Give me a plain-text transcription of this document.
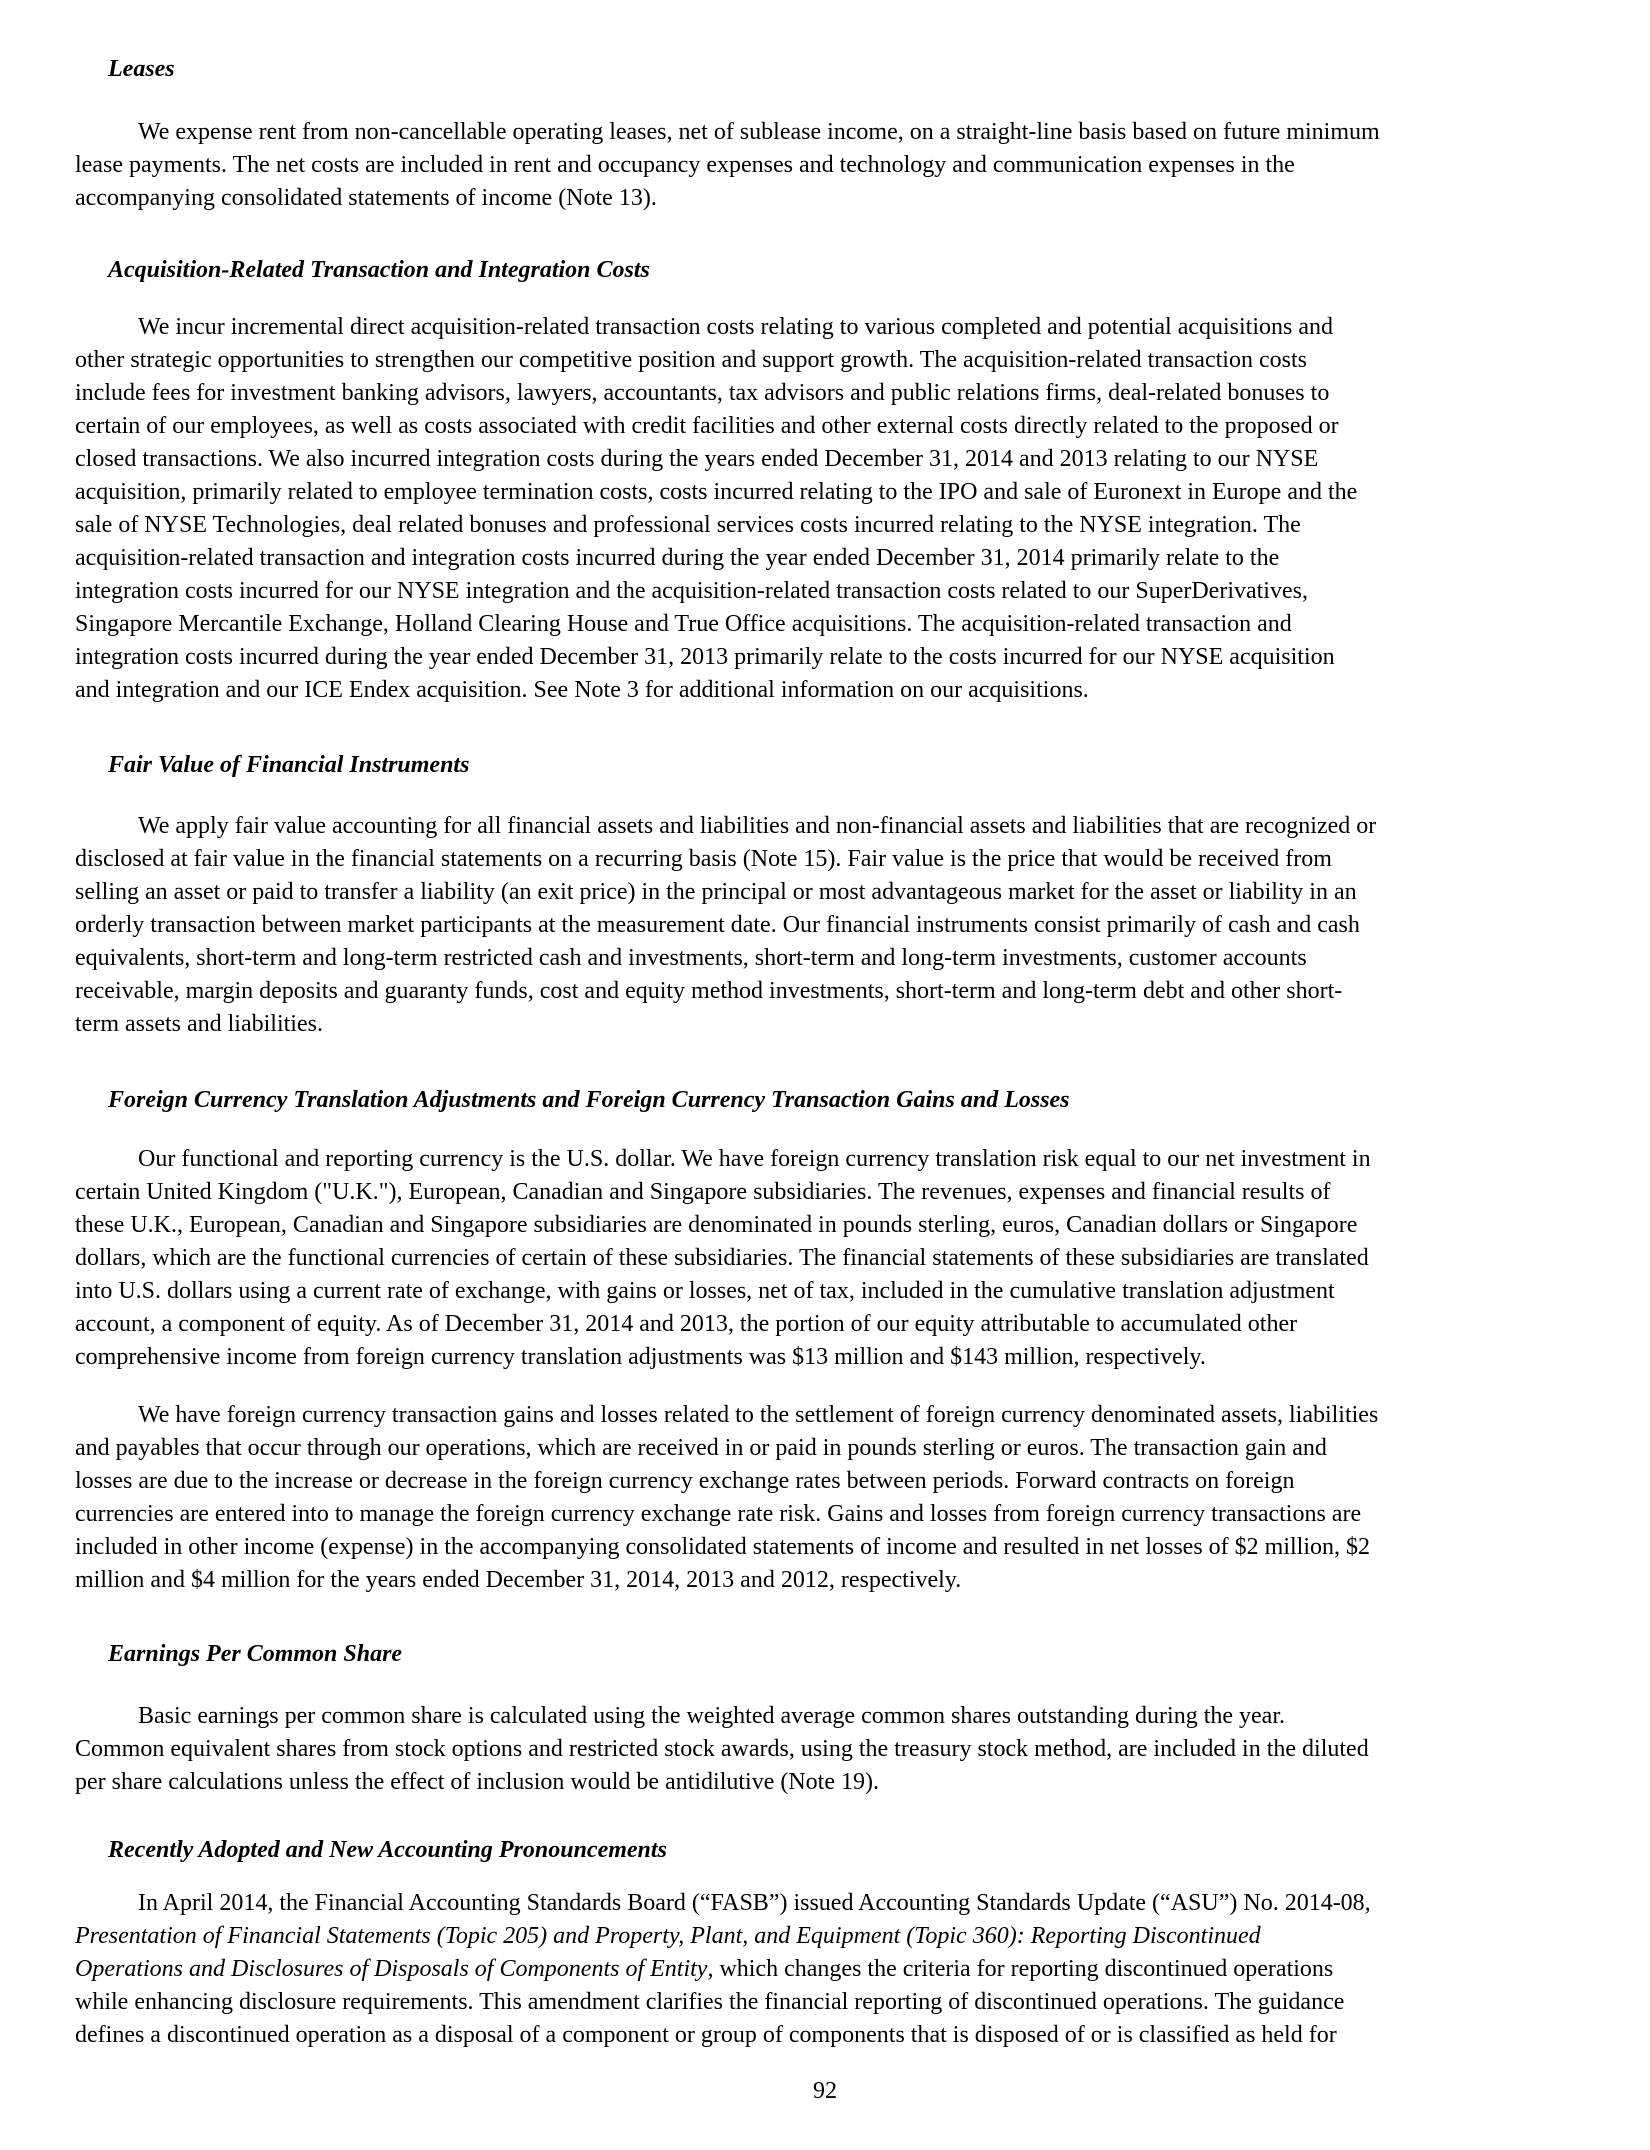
Leases
We expense rent from non-cancellable operating leases, net of sublease income, on a straight-line basis based on future minimum
lease payments. The net costs are included in rent and occupancy expenses and technology and communication expenses in the
accompanying consolidated statements of income (Note 13).
Acquisition-Related Transaction and Integration Costs
We incur incremental direct acquisition-related transaction costs relating to various completed and potential acquisitions and
other strategic opportunities to strengthen our competitive position and support growth. The acquisition-related transaction costs
include fees for investment banking advisors, lawyers, accountants, tax advisors and public relations firms, deal-related bonuses to
certain of our employees, as well as costs associated with credit facilities and other external costs directly related to the proposed or
closed transactions. We also incurred integration costs during the years ended December 31, 2014 and 2013 relating to our NYSE
acquisition, primarily related to employee termination costs, costs incurred relating to the IPO and sale of Euronext in Europe and the
sale of NYSE Technologies, deal related bonuses and professional services costs incurred relating to the NYSE integration. The
acquisition-related transaction and integration costs incurred during the year ended December 31, 2014 primarily relate to the
integration costs incurred for our NYSE integration and the acquisition-related transaction costs related to our SuperDerivatives,
Singapore Mercantile Exchange, Holland Clearing House and True Office acquisitions. The acquisition-related transaction and
integration costs incurred during the year ended December 31, 2013 primarily relate to the costs incurred for our NYSE acquisition
and integration and our ICE Endex acquisition. See Note 3 for additional information on our acquisitions.
Fair Value of Financial Instruments
We apply fair value accounting for all financial assets and liabilities and non-financial assets and liabilities that are recognized or
disclosed at fair value in the financial statements on a recurring basis (Note 15). Fair value is the price that would be received from
selling an asset or paid to transfer a liability (an exit price) in the principal or most advantageous market for the asset or liability in an
orderly transaction between market participants at the measurement date. Our financial instruments consist primarily of cash and cash
equivalents, short-term and long-term restricted cash and investments, short-term and long-term investments, customer accounts
receivable, margin deposits and guaranty funds, cost and equity method investments, short-term and long-term debt and other short-
term assets and liabilities.
Foreign Currency Translation Adjustments and Foreign Currency Transaction Gains and Losses
Our functional and reporting currency is the U.S. dollar. We have foreign currency translation risk equal to our net investment in
certain United Kingdom ("U.K."), European, Canadian and Singapore subsidiaries. The revenues, expenses and financial results of
these U.K., European, Canadian and Singapore subsidiaries are denominated in pounds sterling, euros, Canadian dollars or Singapore
dollars, which are the functional currencies of certain of these subsidiaries. The financial statements of these subsidiaries are translated
into U.S. dollars using a current rate of exchange, with gains or losses, net of tax, included in the cumulative translation adjustment
account, a component of equity. As of December 31, 2014 and 2013, the portion of our equity attributable to accumulated other
comprehensive income from foreign currency translation adjustments was $13 million and $143 million, respectively.
We have foreign currency transaction gains and losses related to the settlement of foreign currency denominated assets, liabilities
and payables that occur through our operations, which are received in or paid in pounds sterling or euros. The transaction gain and
losses are due to the increase or decrease in the foreign currency exchange rates between periods. Forward contracts on foreign
currencies are entered into to manage the foreign currency exchange rate risk. Gains and losses from foreign currency transactions are
included in other income (expense) in the accompanying consolidated statements of income and resulted in net losses of $2 million, $2
million and $4 million for the years ended December 31, 2014, 2013 and 2012, respectively.
Earnings Per Common Share
Basic earnings per common share is calculated using the weighted average common shares outstanding during the year.
Common equivalent shares from stock options and restricted stock awards, using the treasury stock method, are included in the diluted
per share calculations unless the effect of inclusion would be antidilutive (Note 19).
Recently Adopted and New Accounting Pronouncements
In April 2014, the Financial Accounting Standards Board (“FASB”) issued Accounting Standards Update (“ASU”) No. 2014-08,
Presentation of Financial Statements (Topic 205) and Property, Plant, and Equipment (Topic 360): Reporting Discontinued
Operations and Disclosures of Disposals of Components of Entity, which changes the criteria for reporting discontinued operations
while enhancing disclosure requirements. This amendment clarifies the financial reporting of discontinued operations. The guidance
defines a discontinued operation as a disposal of a component or group of components that is disposed of or is classified as held for
92
